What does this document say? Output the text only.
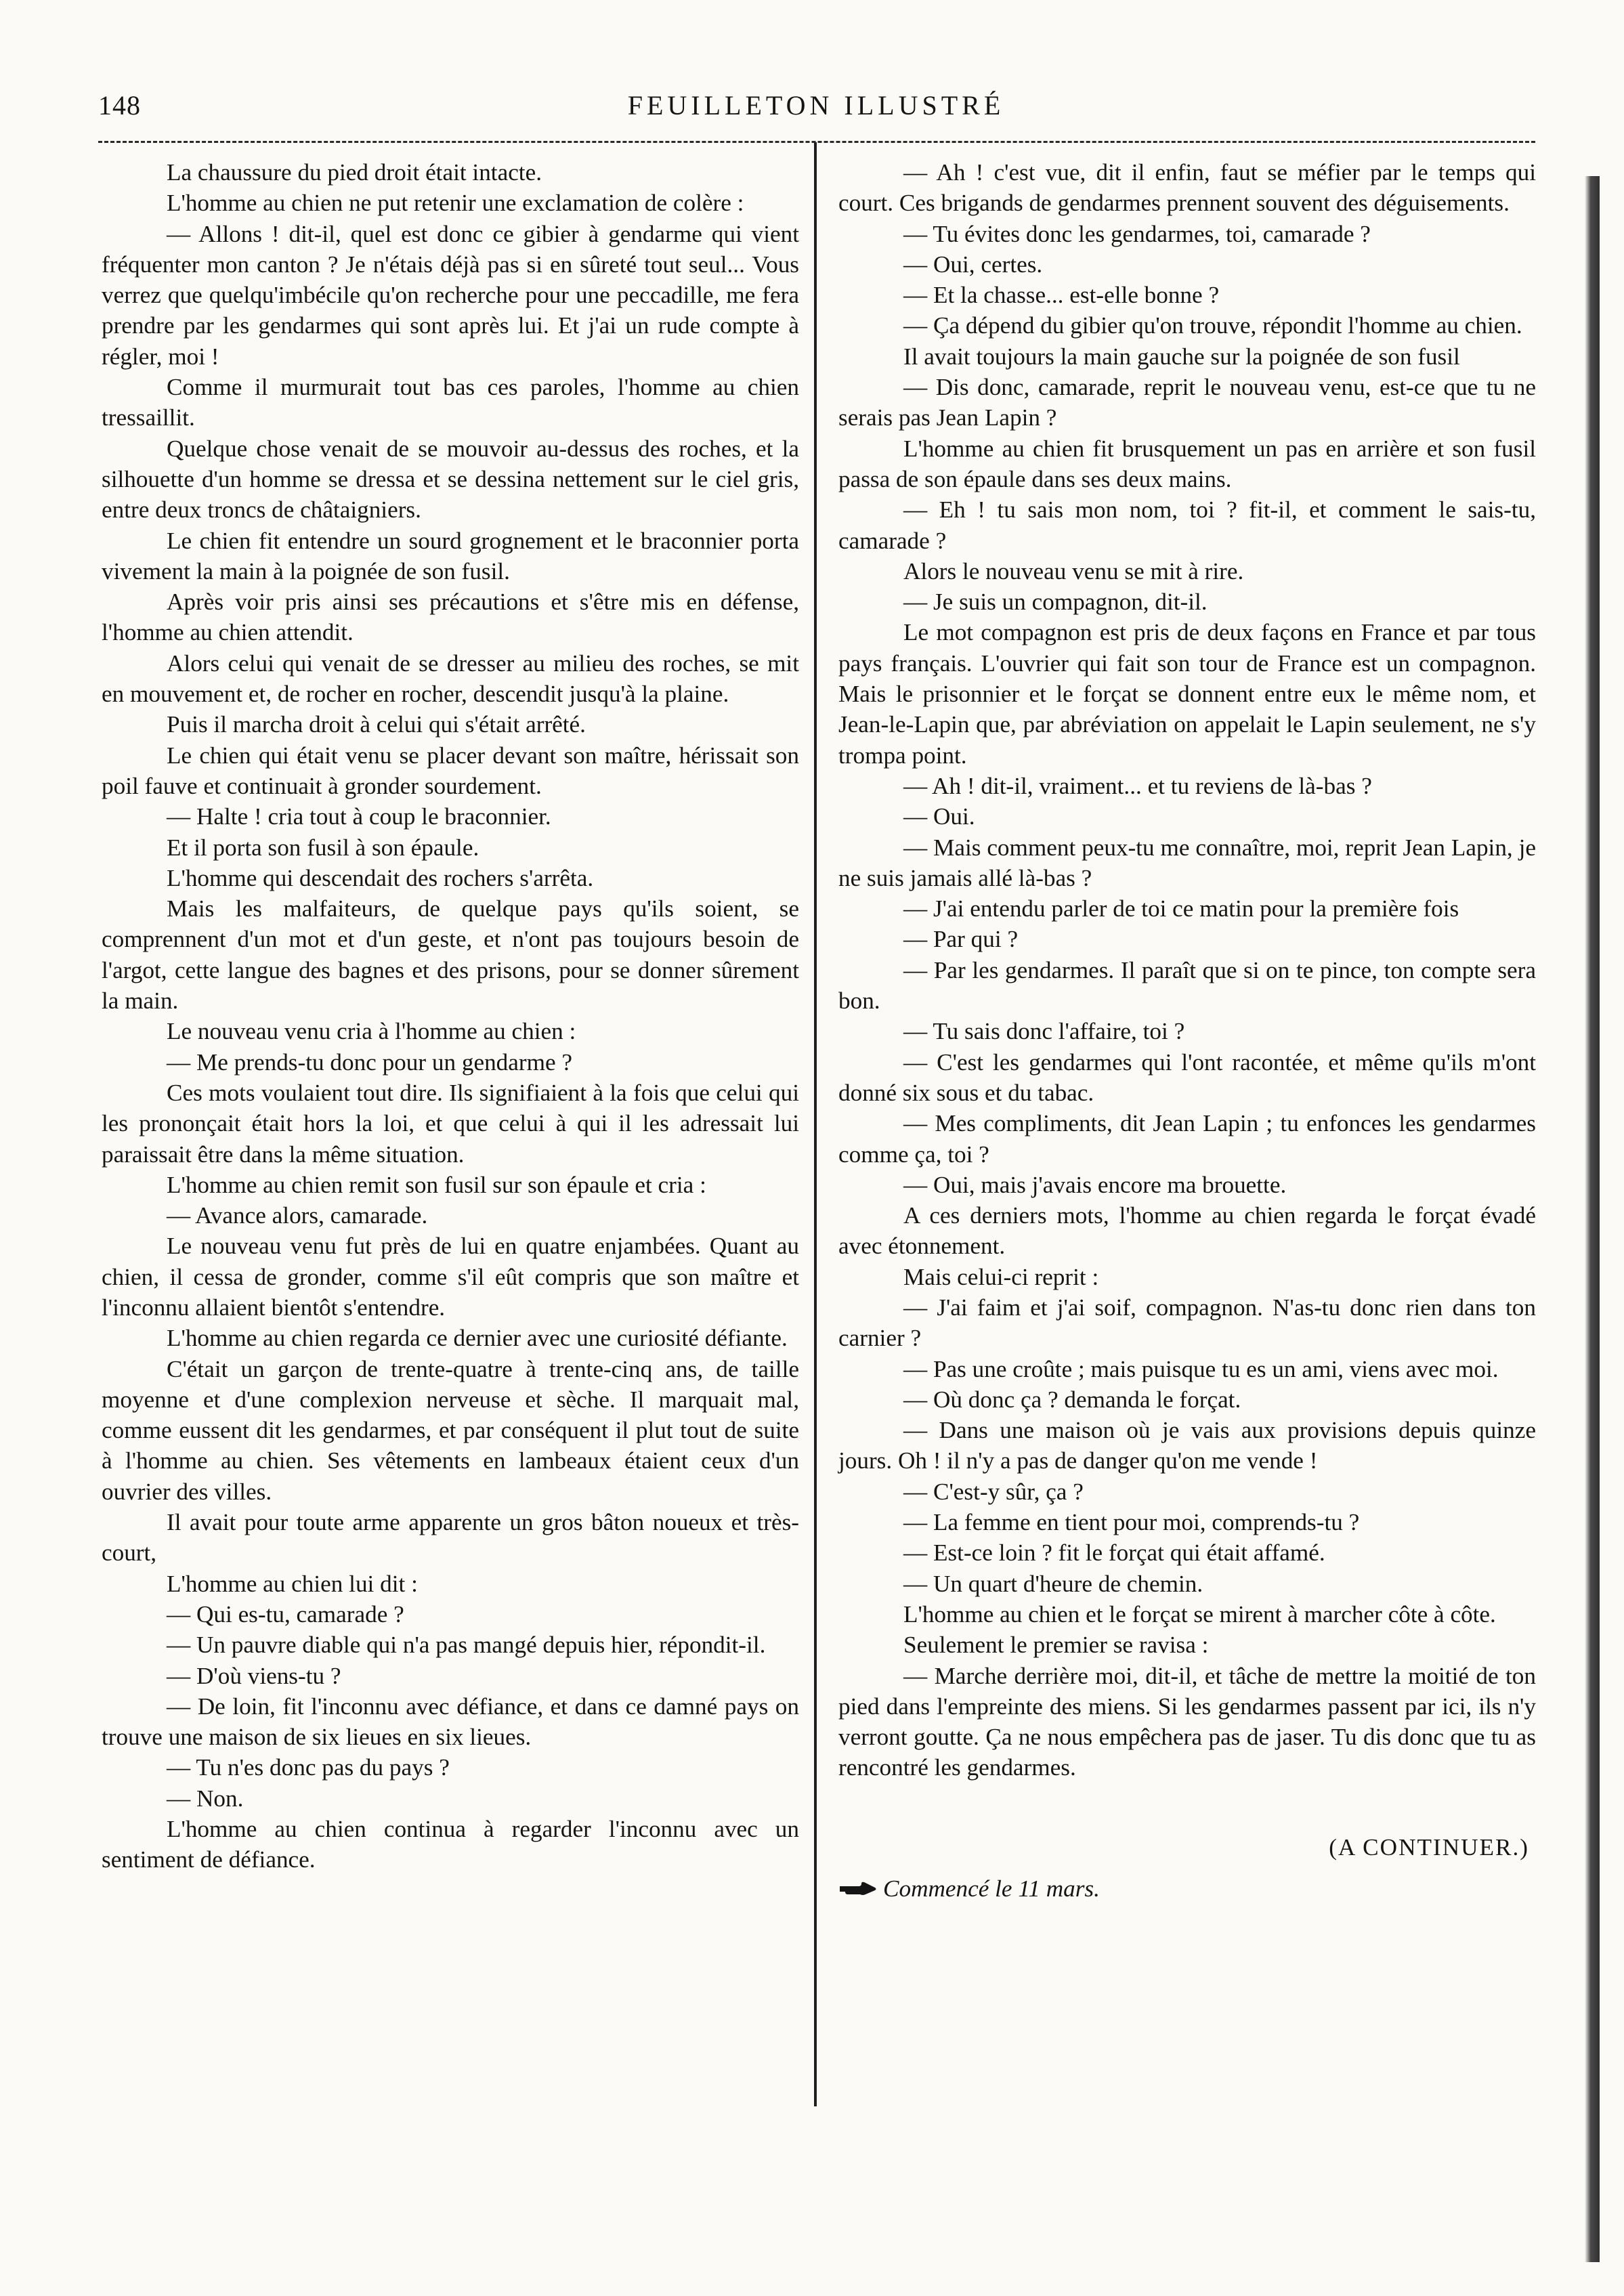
148	FEUILLETON ILLUSTRÉ

La chaussure du pied droit était intacte.

L'homme au chien ne put retenir une exclamation de colère :

— Allons ! dit-il, quel est donc ce gibier à gendarme qui vient fréquenter mon canton ? Je n'étais déjà pas si en sûreté tout seul... Vous verrez que quelqu'imbécile qu'on recherche pour une peccadille, me fera prendre par les gendarmes qui sont après lui. Et j'ai un rude compte à régler, moi !

Comme il murmurait tout bas ces paroles, l'homme au chien tressaillit.

Quelque chose venait de se mouvoir au-dessus des roches, et la silhouette d'un homme se dressa et se dessina nettement sur le ciel gris, entre deux troncs de châtaigniers.

Le chien fit entendre un sourd grognement et le braconnier porta vivement la main à la poignée de son fusil.

Après voir pris ainsi ses précautions et s'être mis en défense, l'homme au chien attendit.

Alors celui qui venait de se dresser au milieu des roches, se mit en mouvement et, de rocher en rocher, descendit jusqu'à la plaine.

Puis il marcha droit à celui qui s'était arrêté.

Le chien qui était venu se placer devant son maître, hérissait son poil fauve et continuait à gronder sourdement.

— Halte ! cria tout à coup le braconnier.

Et il porta son fusil à son épaule.

L'homme qui descendait des rochers s'arrêta.

Mais les malfaiteurs, de quelque pays qu'ils soient, se comprennent d'un mot et d'un geste, et n'ont pas toujours besoin de l'argot, cette langue des bagnes et des prisons, pour se donner sûrement la main.

Le nouveau venu cria à l'homme au chien :

— Me prends-tu donc pour un gendarme ?

Ces mots voulaient tout dire. Ils signifiaient à la fois que celui qui les prononçait était hors la loi, et que celui à qui il les adressait lui paraissait être dans la même situation.

L'homme au chien remit son fusil sur son épaule et cria :

— Avance alors, camarade.

Le nouveau venu fut près de lui en quatre enjambées. Quant au chien, il cessa de gronder, comme s'il eût compris que son maître et l'inconnu allaient bientôt s'entendre.

L'homme au chien regarda ce dernier avec une curiosité défiante.

C'était un garçon de trente-quatre à trente-cinq ans, de taille moyenne et d'une complexion nerveuse et sèche. Il marquait mal, comme eussent dit les gendarmes, et par conséquent il plut tout de suite à l'homme au chien. Ses vêtements en lambeaux étaient ceux d'un ouvrier des villes.

Il avait pour toute arme apparente un gros bâton noueux et très-court,

L'homme au chien lui dit :

— Qui es-tu, camarade ?

— Un pauvre diable qui n'a pas mangé depuis hier, répondit-il.

— D'où viens-tu ?

— De loin, fit l'inconnu avec défiance, et dans ce damné pays on trouve une maison de six lieues en six lieues.

— Tu n'es donc pas du pays ?

— Non.

L'homme au chien continua à regarder l'inconnu avec un sentiment de défiance.

— Ah ! c'est vue, dit il enfin, faut se méfier par le temps qui court. Ces brigands de gendarmes prennent souvent des déguisements.

— Tu évites donc les gendarmes, toi, camarade ?

— Oui, certes.

— Et la chasse... est-elle bonne ?

— Ça dépend du gibier qu'on trouve, répondit l'homme au chien.

Il avait toujours la main gauche sur la poignée de son fusil

— Dis donc, camarade, reprit le nouveau venu, est-ce que tu ne serais pas Jean Lapin ?

L'homme au chien fit brusquement un pas en arrière et son fusil passa de son épaule dans ses deux mains.

— Eh ! tu sais mon nom, toi ? fit-il, et comment le sais-tu, camarade ?

Alors le nouveau venu se mit à rire.

— Je suis un compagnon, dit-il.

Le mot compagnon est pris de deux façons en France et par tous pays français. L'ouvrier qui fait son tour de France est un compagnon. Mais le prisonnier et le forçat se donnent entre eux le même nom, et Jean-le-Lapin que, par abréviation on appelait le Lapin seulement, ne s'y trompa point.

— Ah ! dit-il, vraiment... et tu reviens de là-bas ?

— Oui.

— Mais comment peux-tu me connaître, moi, reprit Jean Lapin, je ne suis jamais allé là-bas ?

— J'ai entendu parler de toi ce matin pour la première fois

— Par qui ?

— Par les gendarmes. Il paraît que si on te pince, ton compte sera bon.

— Tu sais donc l'affaire, toi ?

— C'est les gendarmes qui l'ont racontée, et même qu'ils m'ont donné six sous et du tabac.

— Mes compliments, dit Jean Lapin ; tu enfonces les gendarmes comme ça, toi ?

— Oui, mais j'avais encore ma brouette.

A ces derniers mots, l'homme au chien regarda le forçat évadé avec étonnement.

Mais celui-ci reprit :

— J'ai faim et j'ai soif, compagnon. N'as-tu donc rien dans ton carnier ?

— Pas une croûte ; mais puisque tu es un ami, viens avec moi.

— Où donc ça ? demanda le forçat.

— Dans une maison où je vais aux provisions depuis quinze jours. Oh ! il n'y a pas de danger qu'on me vende !

— C'est-y sûr, ça ?

— La femme en tient pour moi, comprends-tu ?

— Est-ce loin ? fit le forçat qui était affamé.

— Un quart d'heure de chemin.

L'homme au chien et le forçat se mirent à marcher côte à côte.

Seulement le premier se ravisa :

— Marche derrière moi, dit-il, et tâche de mettre la moitié de ton pied dans l'empreinte des miens. Si les gendarmes passent par ici, ils n'y verront goutte. Ça ne nous empêchera pas de jaser. Tu dis donc que tu as rencontré les gendarmes.

(A CONTINUER.)

Commencé le 11 mars.
